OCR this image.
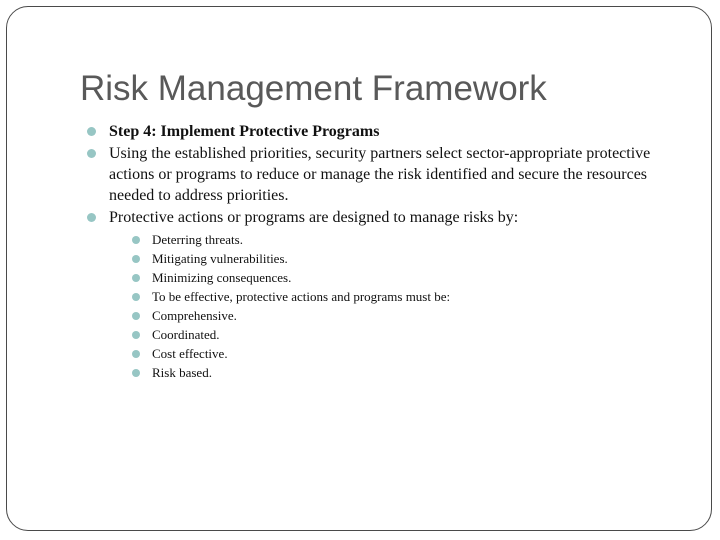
Risk Management Framework
Step 4: Implement Protective Programs
Using the established priorities, security partners select sector-appropriate protective actions or programs to reduce or manage the risk identified and secure the resources needed to address priorities.
Protective actions or programs are designed to manage risks by:
Deterring threats.
Mitigating vulnerabilities.
Minimizing consequences.
To be effective, protective actions and programs must be:
Comprehensive.
Coordinated.
Cost effective.
Risk based.
